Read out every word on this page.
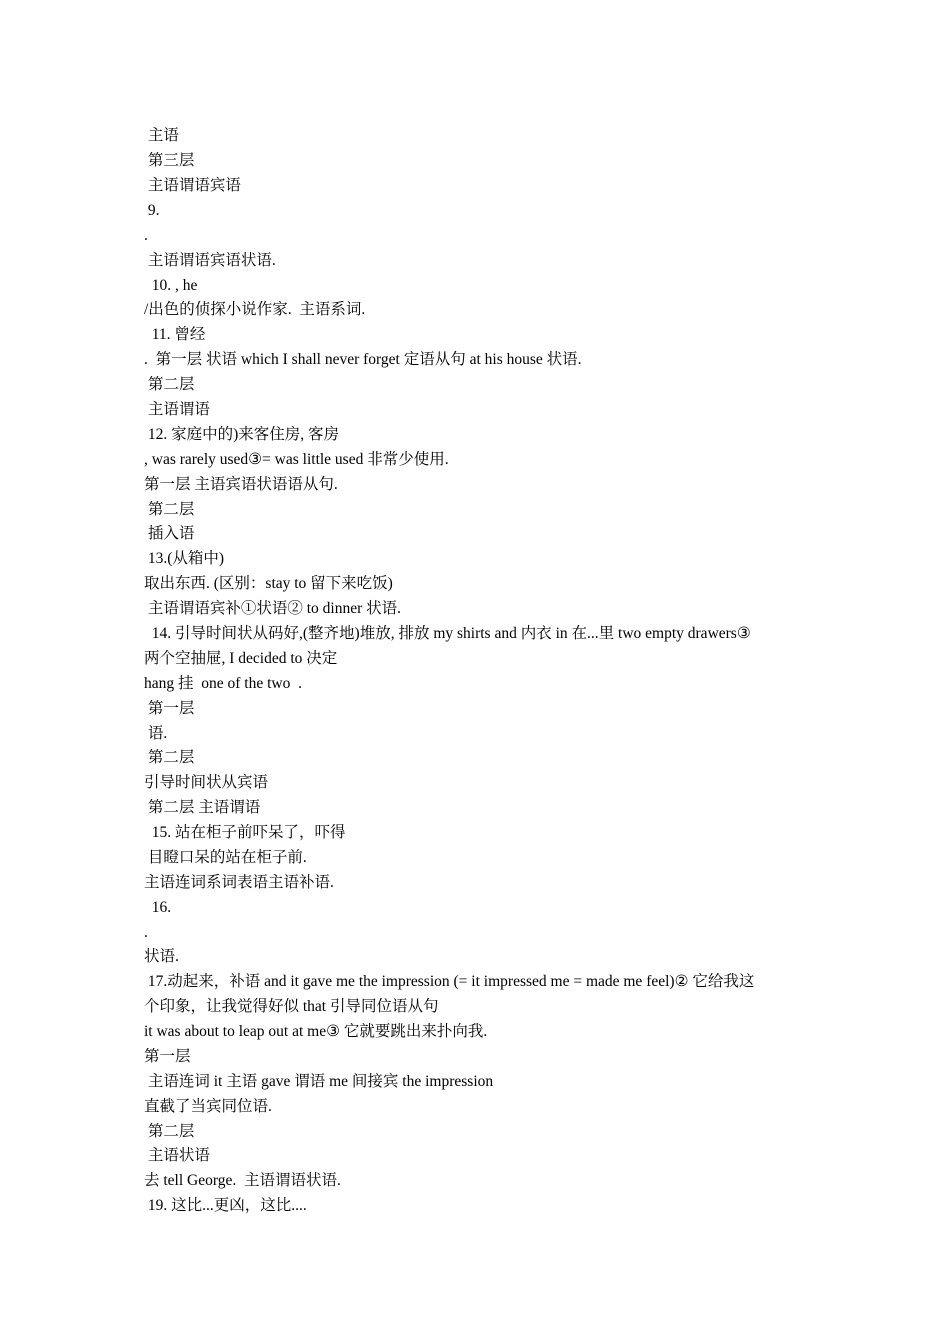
主语
第三层
主语谓语宾语
9.
.
主语谓语宾语状语.
10. , he
/出色的侦探小说作家.  主语系词.
11. 曾经
.  第一层 状语 which I shall never forget 定语从句 at his house 状语.
第二层
主语谓语
12. 家庭中的)来客住房, 客房
, was rarely used③= was little used 非常少使用.
第一层 主语宾语状语语从句.
第二层
插入语
13.(从箱中)
取出东西. (区别：stay to 留下来吃饭)
主语谓语宾补①状语② to dinner 状语.
14. 引导时间状从码好,(整齐地)堆放, 排放 my shirts and 内衣 in 在...里 two empty drawers③
两个空抽屉, I decided to 决定
hang 挂  one of the two  .
第一层
语.
第二层
引导时间状从宾语
第二层 主语谓语
15. 站在柜子前吓呆了，吓得
目瞪口呆的站在柜子前.
主语连词系词表语主语补语.
16.
.
状语.
17.动起来，补语 and it gave me the impression (= it impressed me = made me feel)② 它给我这
个印象，让我觉得好似 that 引导同位语从句
it was about to leap out at me③ 它就要跳出来扑向我.
第一层
主语连词 it 主语 gave 谓语 me 间接宾 the impression
直截了当宾同位语.
第二层
主语状语
去 tell George.  主语谓语状语.
19. 这比...更凶，这比....
